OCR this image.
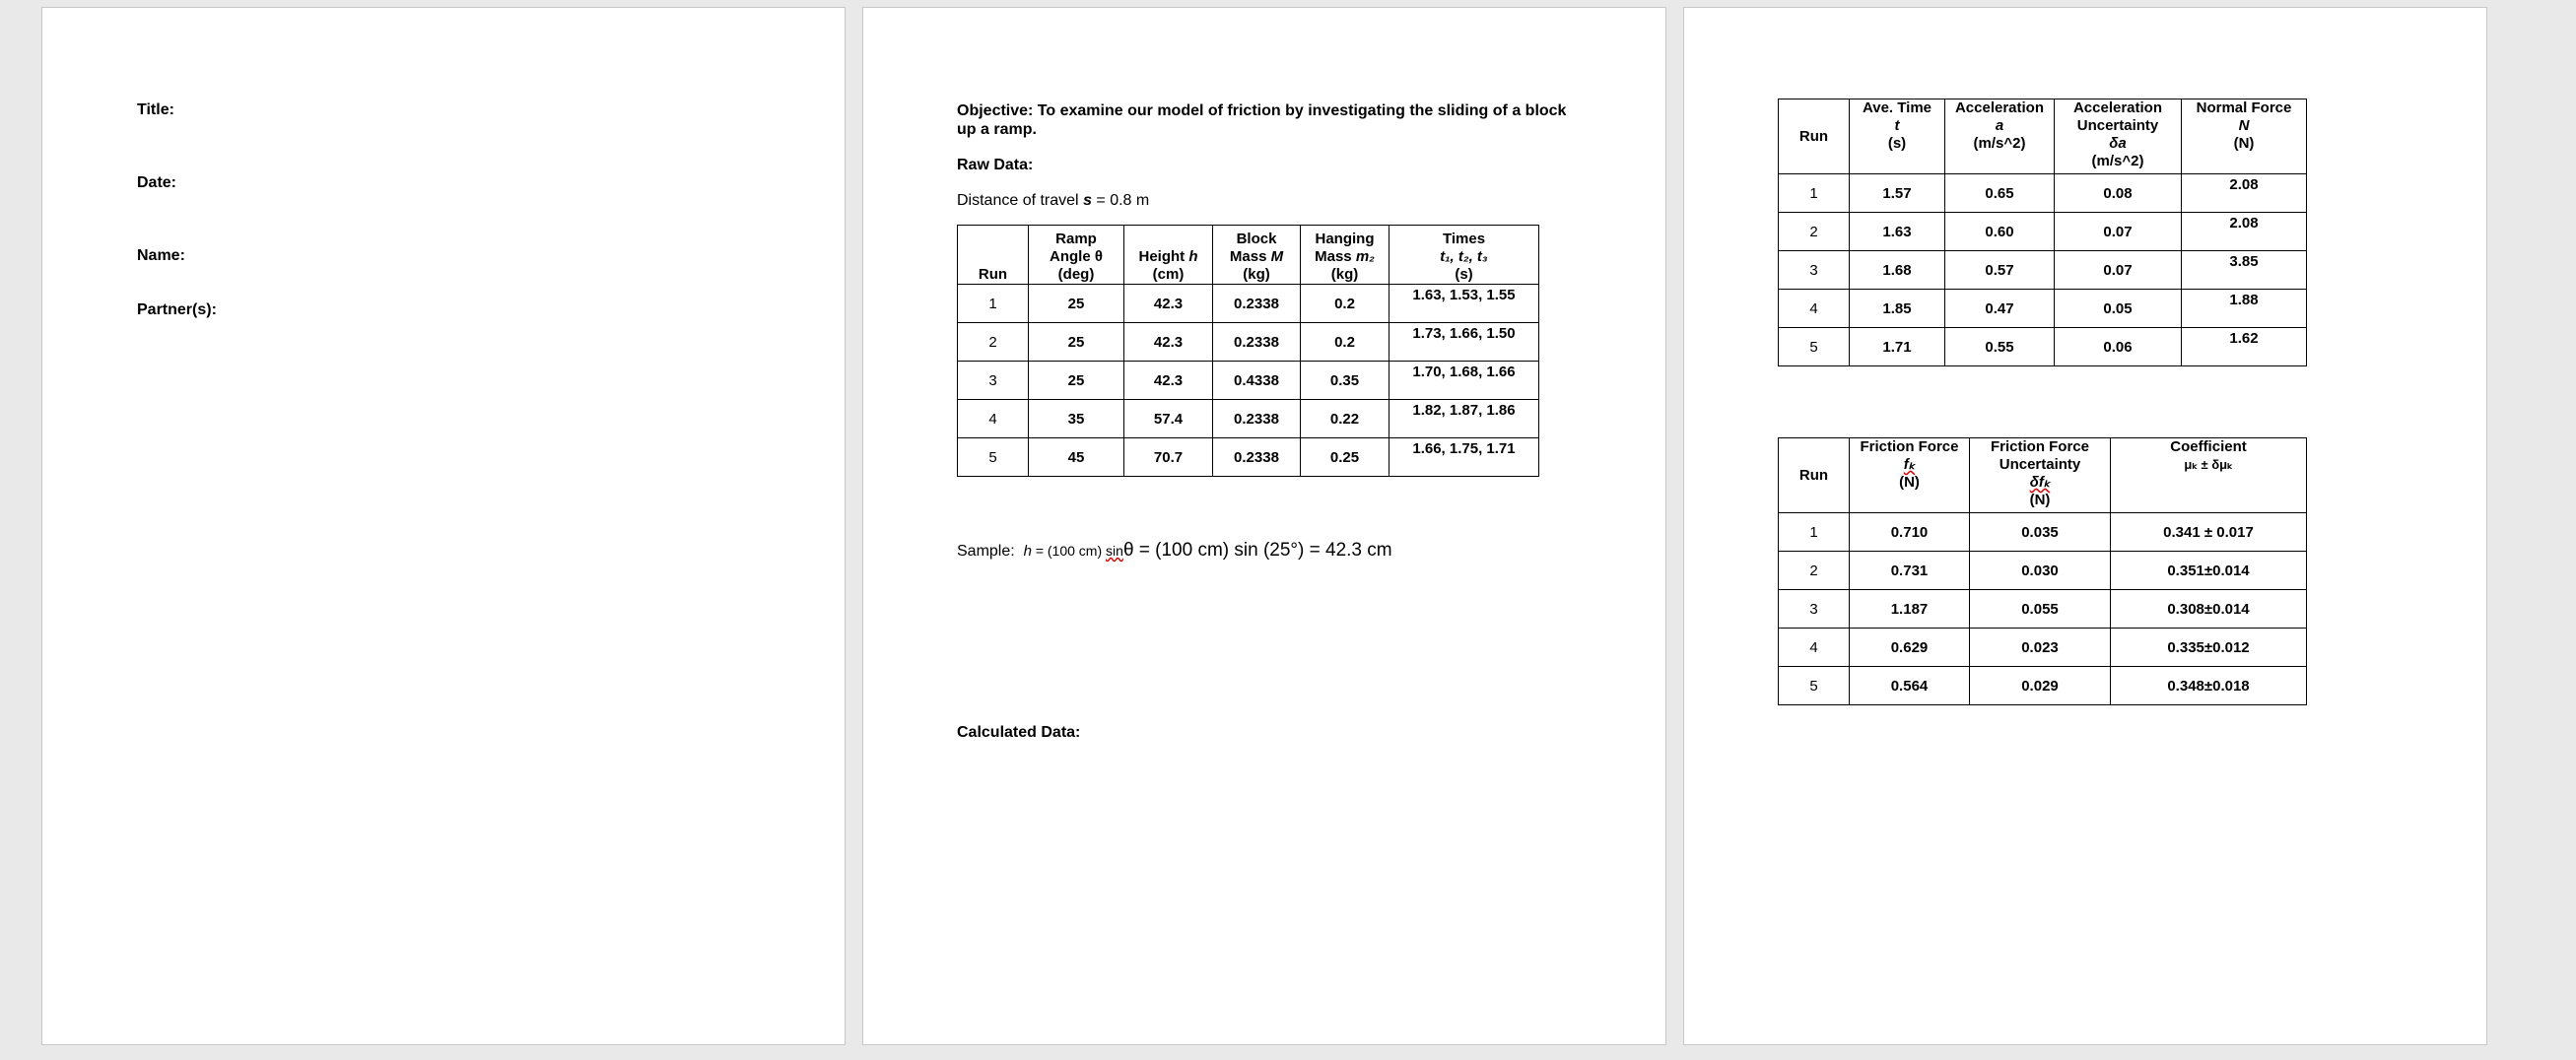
Title:
Date:
Name:
Partner(s):
Objective: To examine our model of friction by investigating the sliding of a block up a ramp.
Raw Data:
Distance of travel s = 0.8 m
Run	Ramp
Angle θ
(deg)	Height h
(cm)	Block
Mass M
(kg)	Hanging
Mass m₂
(kg)	Times
t₁, t₂, t₃
(s)
1	25	42.3	0.2338	0.2	1.63, 1.53, 1.55
2	25	42.3	0.2338	0.2	1.73, 1.66, 1.50
3	25	42.3	0.4338	0.35	1.70, 1.68, 1.66
4	35	57.4	0.2338	0.22	1.82, 1.87, 1.86
5	45	70.7	0.2338	0.25	1.66, 1.75, 1.71
Sample:  h = (100 cm) sinθ = (100 cm) sin (25°) = 42.3 cm
Calculated Data:
Run	Ave. Time
t
(s)	Acceleration
a
(m/s^2)	Acceleration
Uncertainty
δa
(m/s^2)	Normal Force
N
(N)
1	1.57	0.65	0.08	2.08
2	1.63	0.60	0.07	2.08
3	1.68	0.57	0.07	3.85
4	1.85	0.47	0.05	1.88
5	1.71	0.55	0.06	1.62
Run	Friction Force
fₖ
(N)	Friction Force
Uncertainty
δfₖ
(N)	Coefficient
μₖ ± δμₖ
1	0.710	0.035	0.341 ± 0.017
2	0.731	0.030	0.351±0.014
3	1.187	0.055	0.308±0.014
4	0.629	0.023	0.335±0.012
5	0.564	0.029	0.348±0.018
